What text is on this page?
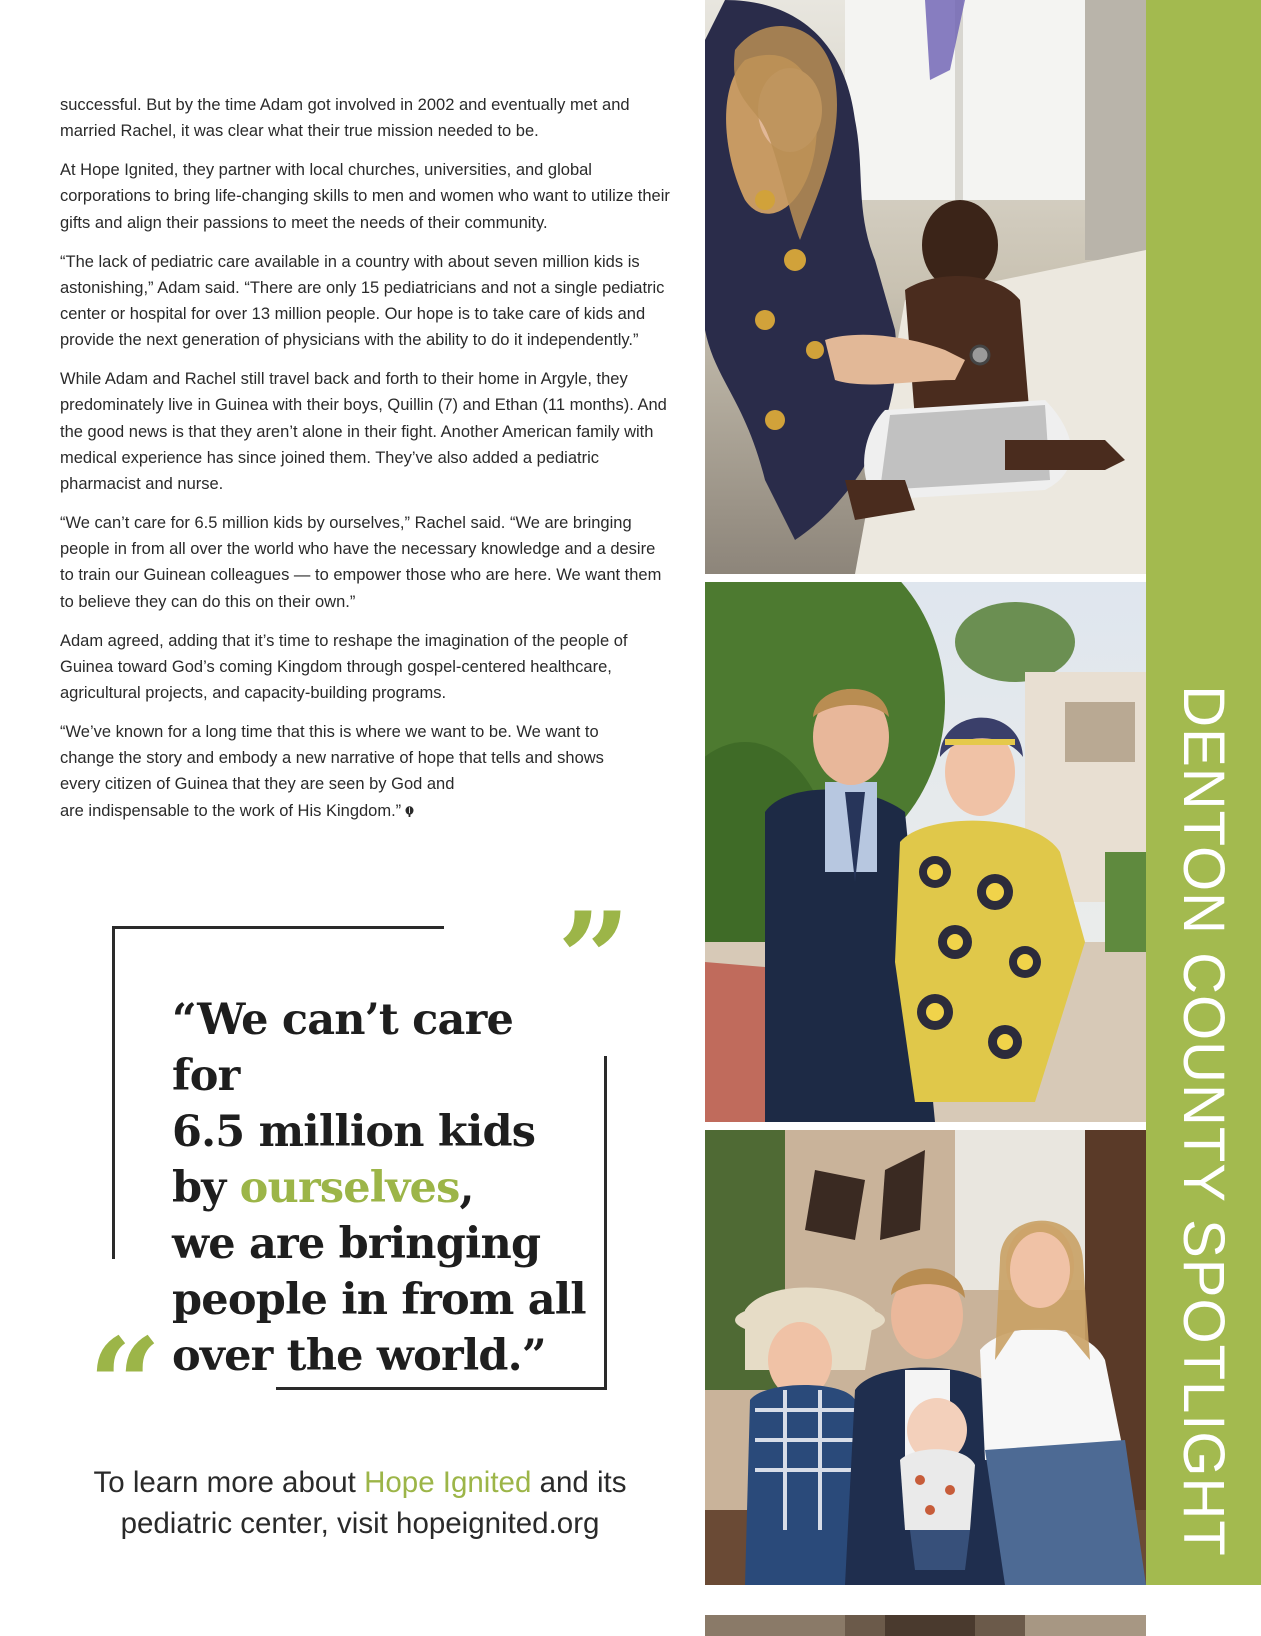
successful. But by the time Adam got involved in 2002 and eventually met and married Rachel, it was clear what their true mission needed to be.

At Hope Ignited, they partner with local churches, universities, and global corporations to bring life-changing skills to men and women who want to utilize their gifts and align their passions to meet the needs of their community.

“The lack of pediatric care available in a country with about seven million kids is astonishing,” Adam said. “There are only 15 pediatricians and not a single pediatric center or hospital for over 13 million people. Our hope is to take care of kids and provide the next generation of physicians with the ability to do it independently.”

While Adam and Rachel still travel back and forth to their home in Argyle, they predominately live in Guinea with their boys, Quillin (7) and Ethan (11 months). And the good news is that they aren’t alone in their fight. Another American family with medical experience has since joined them. They’ve also added a pediatric pharmacist and nurse.

“We can’t care for 6.5 million kids by ourselves,” Rachel said. “We are bringing people in from all over the world who have the necessary knowledge and a desire to train our Guinean colleagues — to empower those who are here. We want them to believe they can do this on their own.”

Adam agreed, adding that it’s time to reshape the imagination of the people of Guinea toward God’s coming Kingdom through gospel-centered healthcare, agricultural projects, and capacity-building programs.

“We’ve known for a long time that this is where we want to be. We want to
change the story and embody a new narrative of hope that tells and shows
every citizen of Guinea that they are seen by God and
are indispensable to the work of His Kingdom.”

”
“
“We can’t care for
6.5 million kids
by ourselves,
we are bringing
people in from all
over the world.”
To learn more about Hope Ignited and its
pediatric center, visit hopeignited.org	DENTON COUNTY SPOTLIGHT
